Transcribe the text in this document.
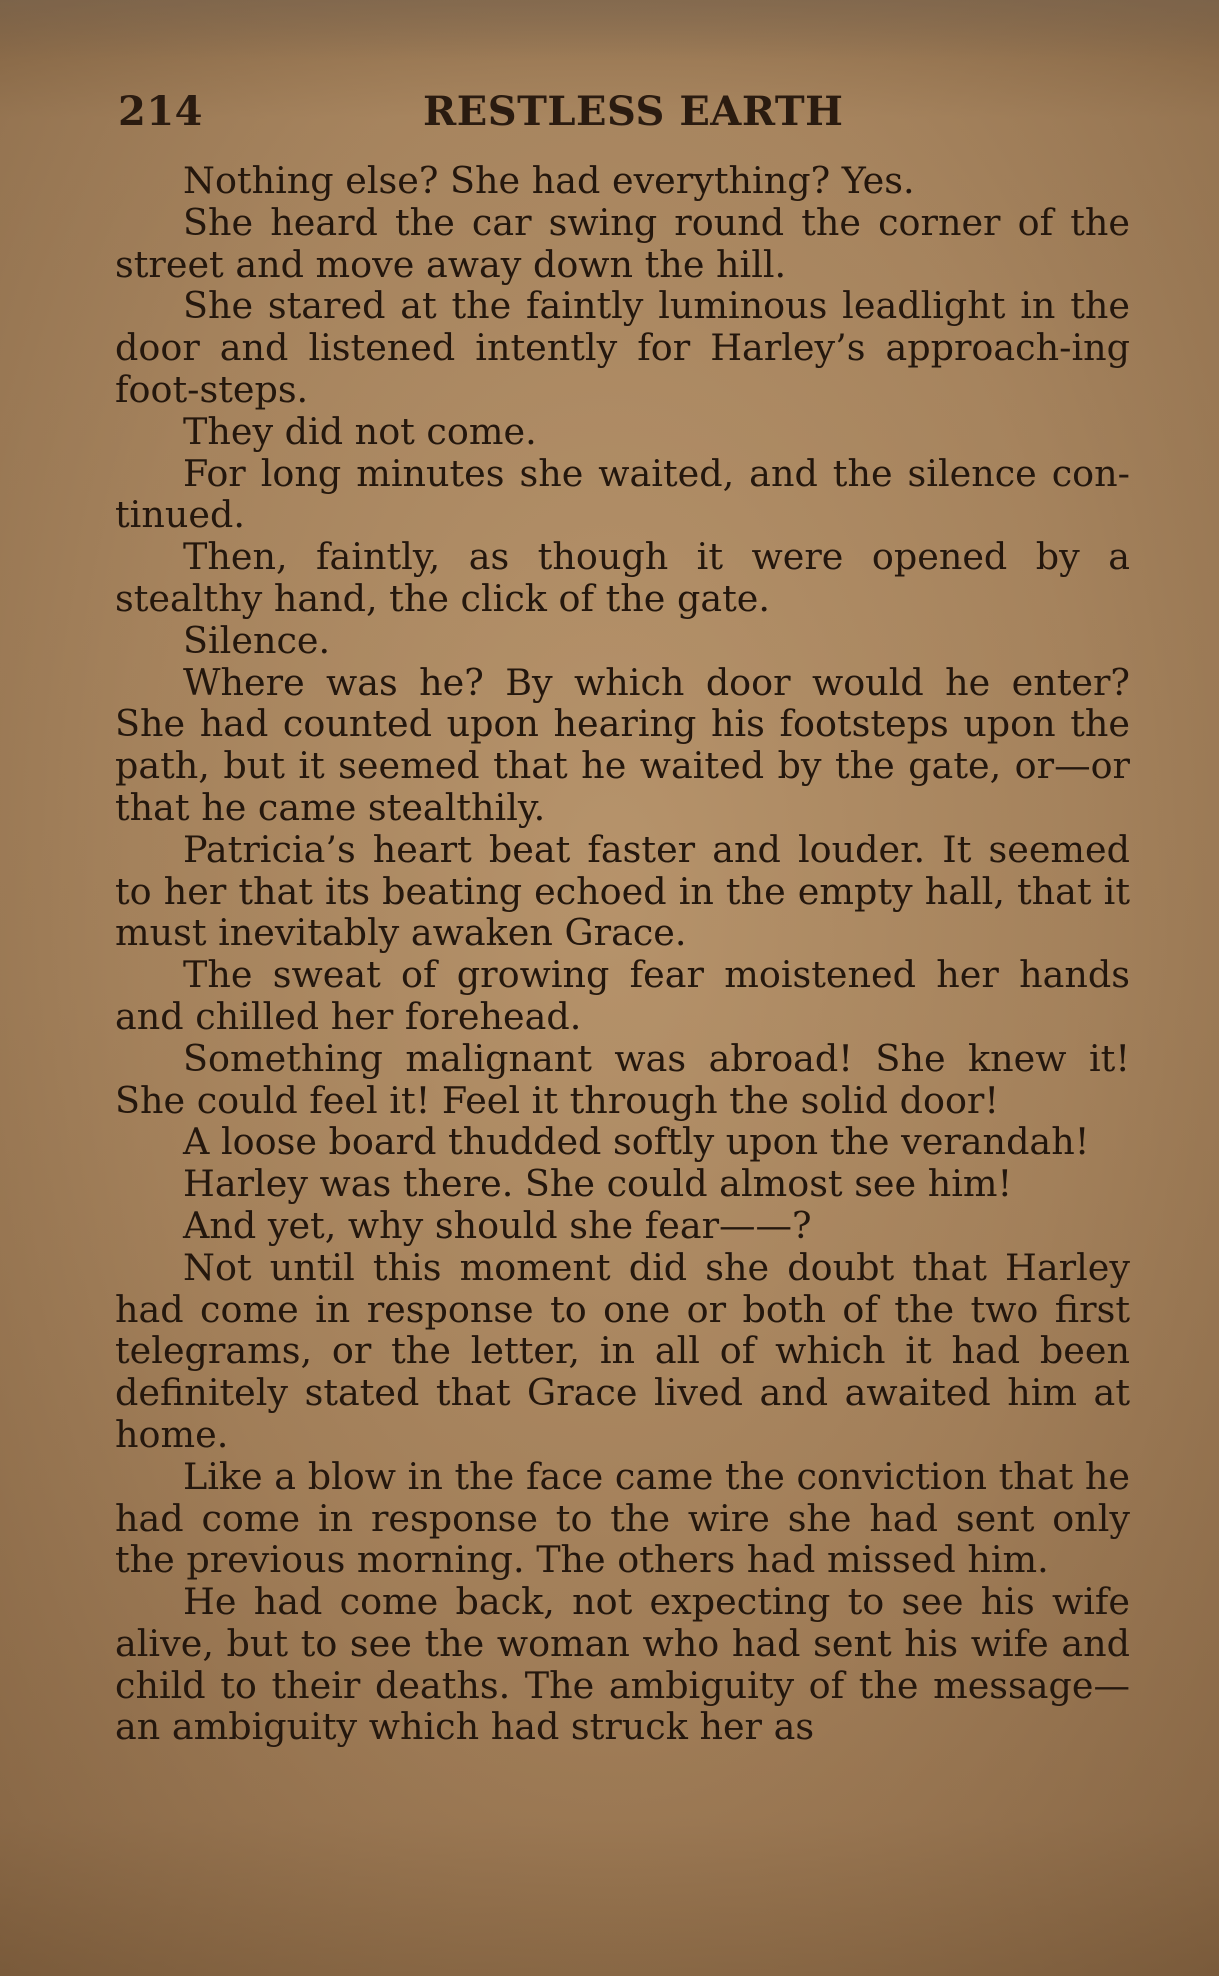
214	RESTLESS EARTH

Nothing else? She had everything? Yes.

She heard the car swing round the corner of the street and move away down the hill.

She stared at the faintly luminous leadlight in the door and listened intently for Harley’s approach-ing foot-steps.

They did not come.

For long minutes she waited, and the silence con-tinued.

Then, faintly, as though it were opened by a stealthy hand, the click of the gate.

Silence.

Where was he? By which door would he enter? She had counted upon hearing his footsteps upon the path, but it seemed that he waited by the gate, or—or that he came stealthily.

Patricia’s heart beat faster and louder. It seemed to her that its beating echoed in the empty hall, that it must inevitably awaken Grace.

The sweat of growing fear moistened her hands and chilled her forehead.

Something malignant was abroad! She knew it! She could feel it! Feel it through the solid door!

A loose board thudded softly upon the verandah!

Harley was there. She could almost see him!

And yet, why should she fear——?

Not until this moment did she doubt that Harley had come in response to one or both of the two first telegrams, or the letter, in all of which it had been definitely stated that Grace lived and awaited him at home.

Like a blow in the face came the conviction that he had come in response to the wire she had sent only the previous morning. The others had missed him.

He had come back, not expecting to see his wife alive, but to see the woman who had sent his wife and child to their deaths. The ambiguity of the message—an ambiguity which had struck her as
